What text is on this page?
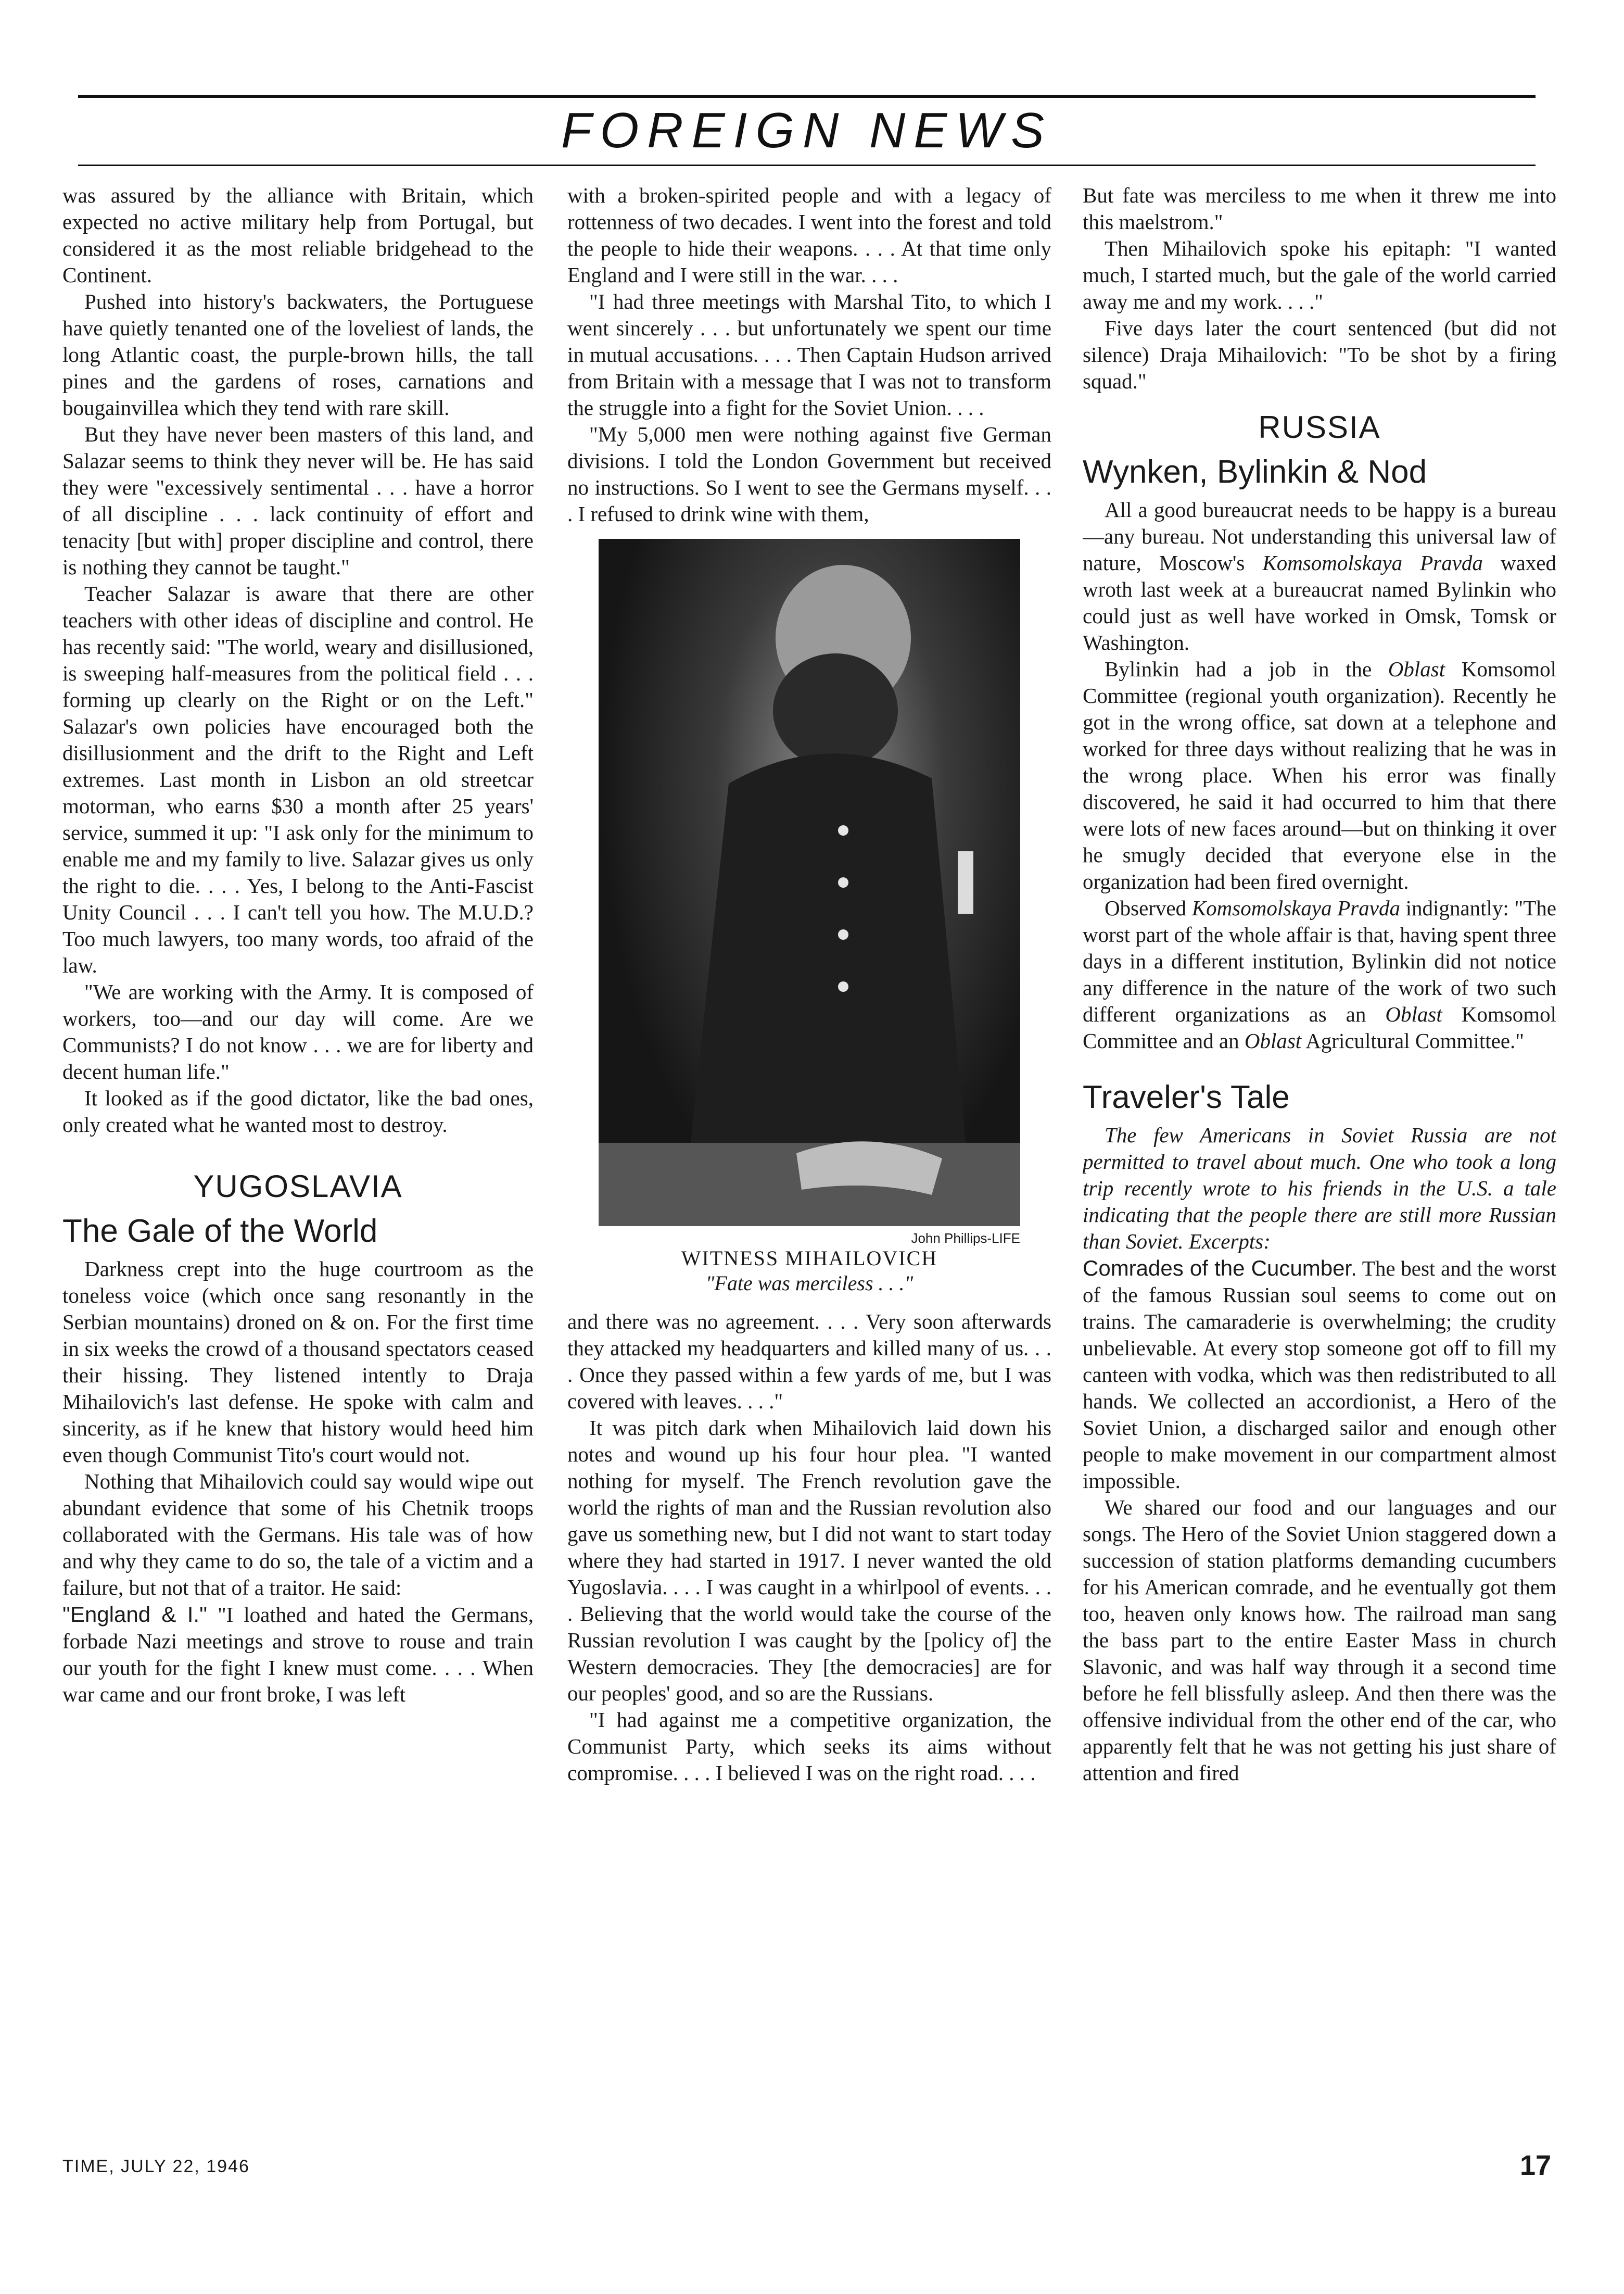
FOREIGN NEWS

was assured by the alliance with Britain, which expected no active military help from Portugal, but considered it as the most reliable bridgehead to the Continent.

Pushed into history's backwaters, the Portuguese have quietly tenanted one of the loveliest of lands, the long Atlantic coast, the purple-brown hills, the tall pines and the gardens of roses, carnations and bougainvillea which they tend with rare skill.

But they have never been masters of this land, and Salazar seems to think they never will be. He has said they were "excessively sentimental . . . have a horror of all discipline . . . lack continuity of effort and tenacity [but with] proper discipline and control, there is nothing they cannot be taught."

Teacher Salazar is aware that there are other teachers with other ideas of discipline and control. He has recently said: "The world, weary and disillusioned, is sweeping half-measures from the political field . . . forming up clearly on the Right or on the Left." Salazar's own policies have encouraged both the disillusionment and the drift to the Right and Left extremes. Last month in Lisbon an old streetcar motorman, who earns $30 a month after 25 years' service, summed it up: "I ask only for the minimum to enable me and my family to live. Salazar gives us only the right to die. . . . Yes, I belong to the Anti-Fascist Unity Council . . . I can't tell you how. The M.U.D.? Too much lawyers, too many words, too afraid of the law.

"We are working with the Army. It is composed of workers, too—and our day will come. Are we Communists? I do not know . . . we are for liberty and decent human life."

It looked as if the good dictator, like the bad ones, only created what he wanted most to destroy.

YUGOSLAVIA
The Gale of the World

Darkness crept into the huge courtroom as the toneless voice (which once sang resonantly in the Serbian mountains) droned on & on. For the first time in six weeks the crowd of a thousand spectators ceased their hissing. They listened intently to Draja Mihailovich's last defense. He spoke with calm and sincerity, as if he knew that history would heed him even though Communist Tito's court would not.

Nothing that Mihailovich could say would wipe out abundant evidence that some of his Chetnik troops collaborated with the Germans. His tale was of how and why they came to do so, the tale of a victim and a failure, but not that of a traitor. He said:

"England & I." "I loathed and hated the Germans, forbade Nazi meetings and strove to rouse and train our youth for the fight I knew must come. . . . When war came and our front broke, I was left

with a broken-spirited people and with a legacy of rottenness of two decades. I went into the forest and told the people to hide their weapons. . . . At that time only England and I were still in the war. . . .

"I had three meetings with Marshal Tito, to which I went sincerely . . . but unfortunately we spent our time in mutual accusations. . . . Then Captain Hudson arrived from Britain with a message that I was not to transform the struggle into a fight for the Soviet Union. . . .

"My 5,000 men were nothing against five German divisions. I told the London Government but received no instructions. So I went to see the Germans myself. . . . I refused to drink wine with them,

John Phillips-LIFE
WITNESS MIHAILOVICH
"Fate was merciless . . ."

and there was no agreement. . . . Very soon afterwards they attacked my headquarters and killed many of us. . . . Once they passed within a few yards of me, but I was covered with leaves. . . ."

It was pitch dark when Mihailovich laid down his notes and wound up his four hour plea. "I wanted nothing for myself. The French revolution gave the world the rights of man and the Russian revolution also gave us something new, but I did not want to start today where they had started in 1917. I never wanted the old Yugoslavia. . . . I was caught in a whirlpool of events. . . . Believing that the world would take the course of the Russian revolution I was caught by the [policy of] the Western democracies. They [the democracies] are for our peoples' good, and so are the Russians.

"I had against me a competitive organization, the Communist Party, which seeks its aims without compromise. . . . I believed I was on the right road. . . .

But fate was merciless to me when it threw me into this maelstrom."

Then Mihailovich spoke his epitaph: "I wanted much, I started much, but the gale of the world carried away me and my work. . . ."

Five days later the court sentenced (but did not silence) Draja Mihailovich: "To be shot by a firing squad."

RUSSIA
Wynken, Bylinkin & Nod

All a good bureaucrat needs to be happy is a bureau—any bureau. Not understanding this universal law of nature, Moscow's Komsomolskaya Pravda waxed wroth last week at a bureaucrat named Bylinkin who could just as well have worked in Omsk, Tomsk or Washington.

Bylinkin had a job in the Oblast Komsomol Committee (regional youth organization). Recently he got in the wrong office, sat down at a telephone and worked for three days without realizing that he was in the wrong place. When his error was finally discovered, he said it had occurred to him that there were lots of new faces around—but on thinking it over he smugly decided that everyone else in the organization had been fired overnight.

Observed Komsomolskaya Pravda indignantly: "The worst part of the whole affair is that, having spent three days in a different institution, Bylinkin did not notice any difference in the nature of the work of two such different organizations as an Oblast Komsomol Committee and an Oblast Agricultural Committee."

Traveler's Tale

The few Americans in Soviet Russia are not permitted to travel about much. One who took a long trip recently wrote to his friends in the U.S. a tale indicating that the people there are still more Russian than Soviet. Excerpts:

Comrades of the Cucumber. The best and the worst of the famous Russian soul seems to come out on trains. The camaraderie is overwhelming; the crudity unbelievable. At every stop someone got off to fill my canteen with vodka, which was then redistributed to all hands. We collected an accordionist, a Hero of the Soviet Union, a discharged sailor and enough other people to make movement in our compartment almost impossible.

We shared our food and our languages and our songs. The Hero of the Soviet Union staggered down a succession of station platforms demanding cucumbers for his American comrade, and he eventually got them too, heaven only knows how. The railroad man sang the bass part to the entire Easter Mass in church Slavonic, and was half way through it a second time before he fell blissfully asleep. And then there was the offensive individual from the other end of the car, who apparently felt that he was not getting his just share of attention and fired

TIME, JULY 22, 1946	17
